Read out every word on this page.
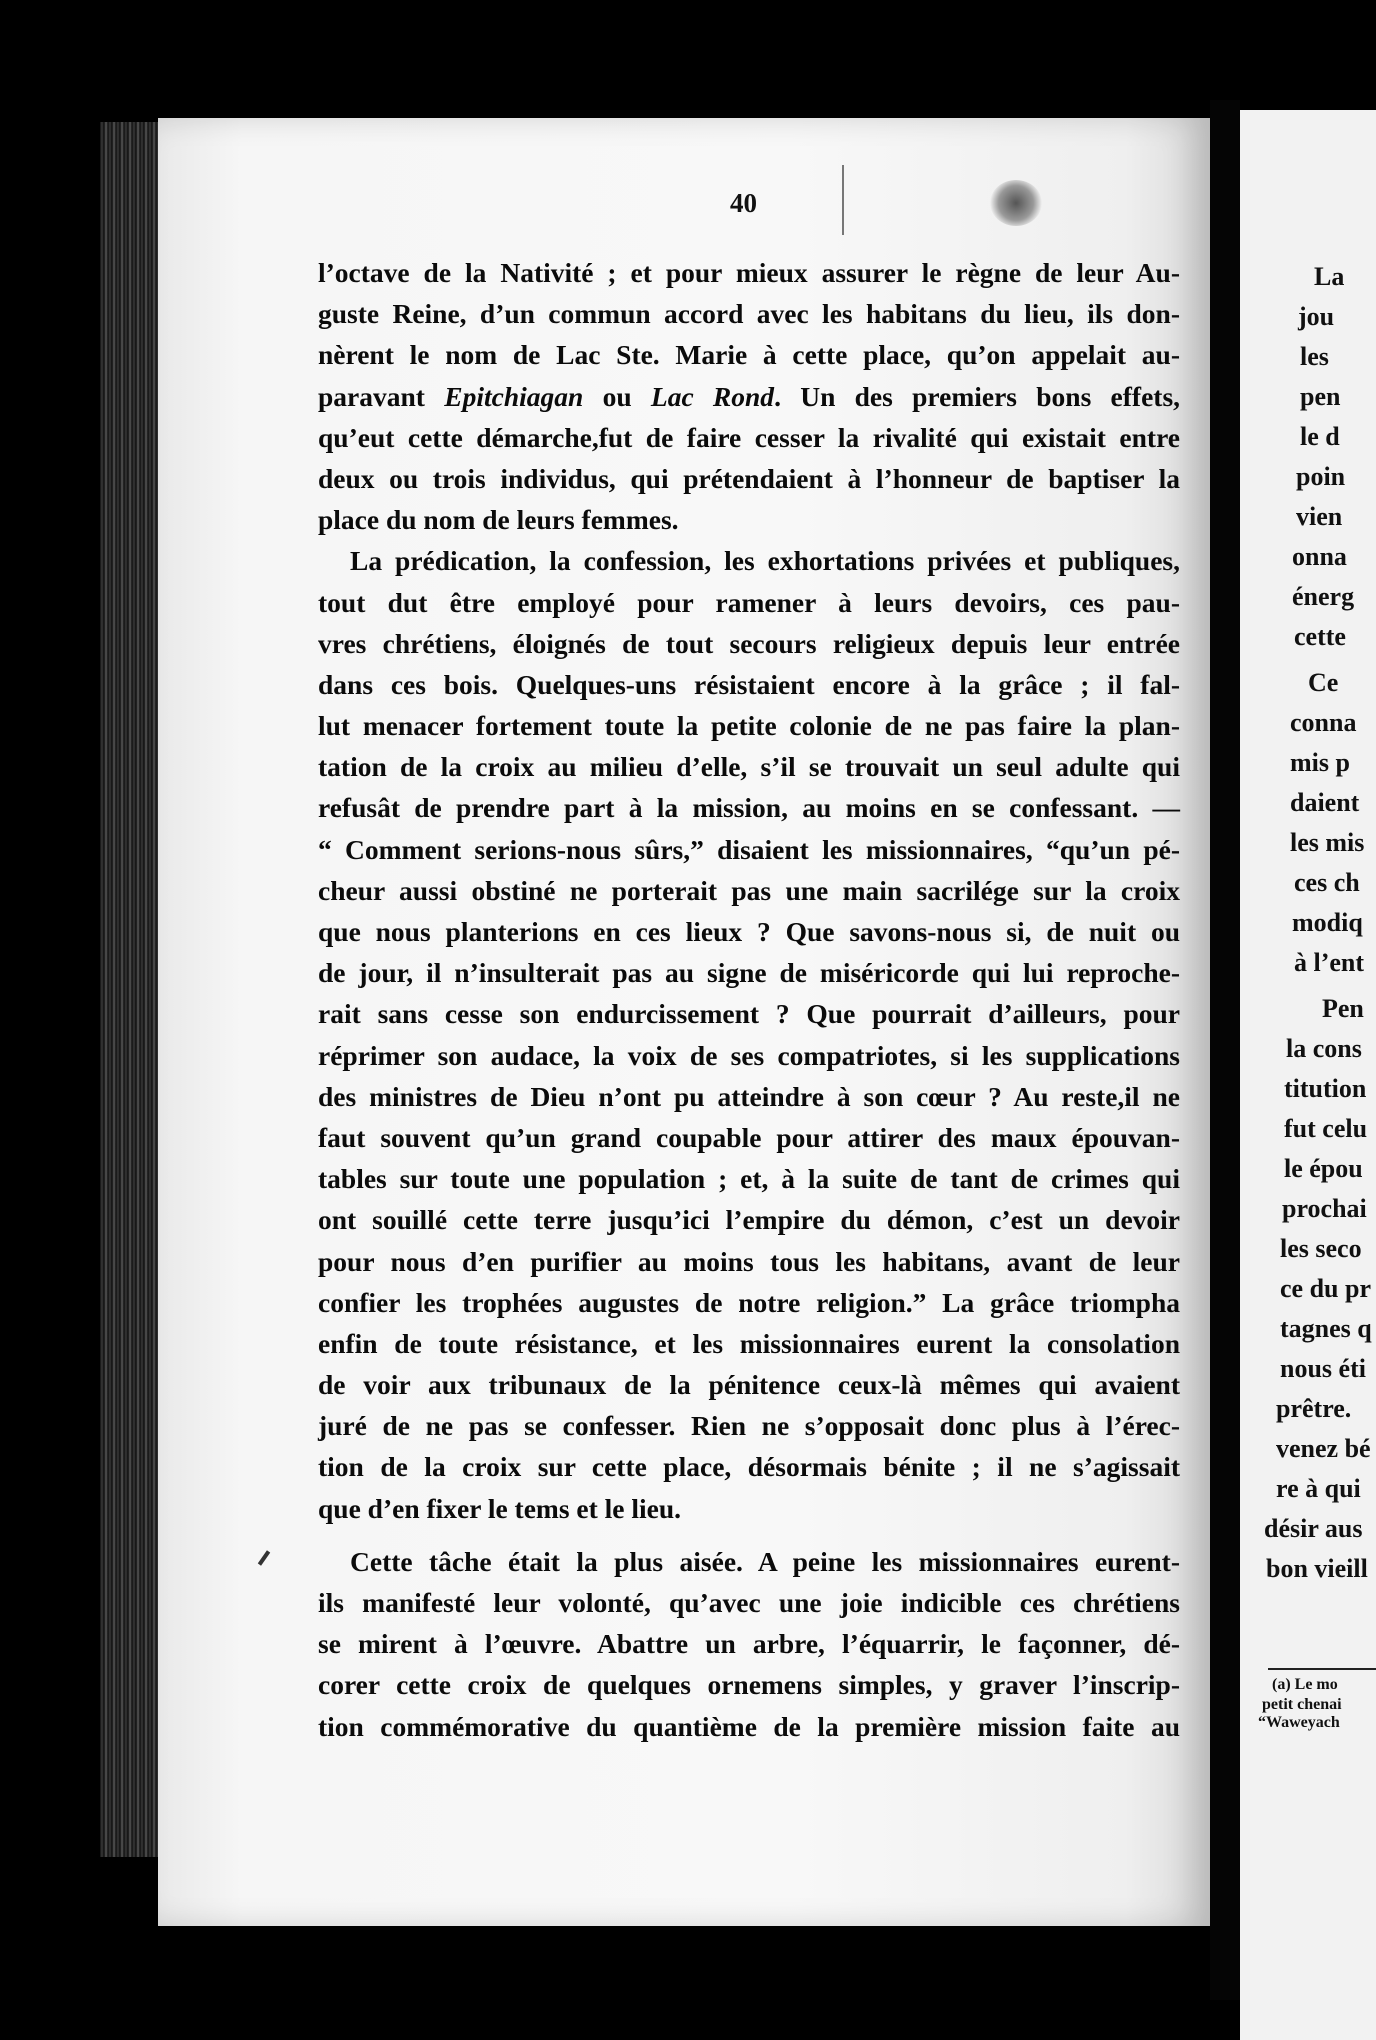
40
l’octave de la Nativité ; et pour mieux assurer le règne de leur Au-
guste Reine, d’un commun accord avec les habitans du lieu, ils don-
nèrent le nom de Lac Ste. Marie à cette place, qu’on appelait au-
paravant Epitchiagan ou Lac Rond. Un des premiers bons effets,
qu’eut cette démarche,fut de faire cesser la rivalité qui existait entre
deux ou trois individus, qui prétendaient à l’honneur de baptiser la
place du nom de leurs femmes.
La prédication, la confession, les exhortations privées et publiques,
tout dut être employé pour ramener à leurs devoirs, ces pau-
vres chrétiens, éloignés de tout secours religieux depuis leur entrée
dans ces bois. Quelques-uns résistaient encore à la grâce ; il fal-
lut menacer fortement toute la petite colonie de ne pas faire la plan-
tation de la croix au milieu d’elle, s’il se trouvait un seul adulte qui
refusât de prendre part à la mission, au moins en se confessant. —
“ Comment serions-nous sûrs,” disaient les missionnaires, “qu’un pé-
cheur aussi obstiné ne porterait pas une main sacrilége sur la croix
que nous planterions en ces lieux ? Que savons-nous si, de nuit ou
de jour, il n’insulterait pas au signe de miséricorde qui lui reproche-
rait sans cesse son endurcissement ? Que pourrait d’ailleurs, pour
réprimer son audace, la voix de ses compatriotes, si les supplications
des ministres de Dieu n’ont pu atteindre à son cœur ? Au reste,il ne
faut souvent qu’un grand coupable pour attirer des maux épouvan-
tables sur toute une population ; et, à la suite de tant de crimes qui
ont souillé cette terre jusqu’ici l’empire du démon, c’est un devoir
pour nous d’en purifier au moins tous les habitans, avant de leur
confier les trophées augustes de notre religion.” La grâce triompha
enfin de toute résistance, et les missionnaires eurent la consolation
de voir aux tribunaux de la pénitence ceux-là mêmes qui avaient
juré de ne pas se confesser. Rien ne s’opposait donc plus à l’érec-
tion de la croix sur cette place, désormais bénite ; il ne s’agissait
que d’en fixer le tems et le lieu.
Cette tâche était la plus aisée. A peine les missionnaires eurent-
ils manifesté leur volonté, qu’avec une joie indicible ces chrétiens
se mirent à l’œuvre. Abattre un arbre, l’équarrir, le façonner, dé-
corer cette croix de quelques ornemens simples, y graver l’inscrip-
tion commémorative du quantième de la première mission faite au
La
jou
les
pen
le d
poin
vien
onna
énerg
cette
Ce
conna
mis p
daient
les mis
ces ch
modiq
à l’ent
Pen
la cons
titution
fut celu
le épou
prochai
les seco
ce du pr
tagnes q
nous éti
prêtre.
venez bé
re à qui
désir aus
bon vieill
(a) Le mo
petit chenai
“Waweyach
